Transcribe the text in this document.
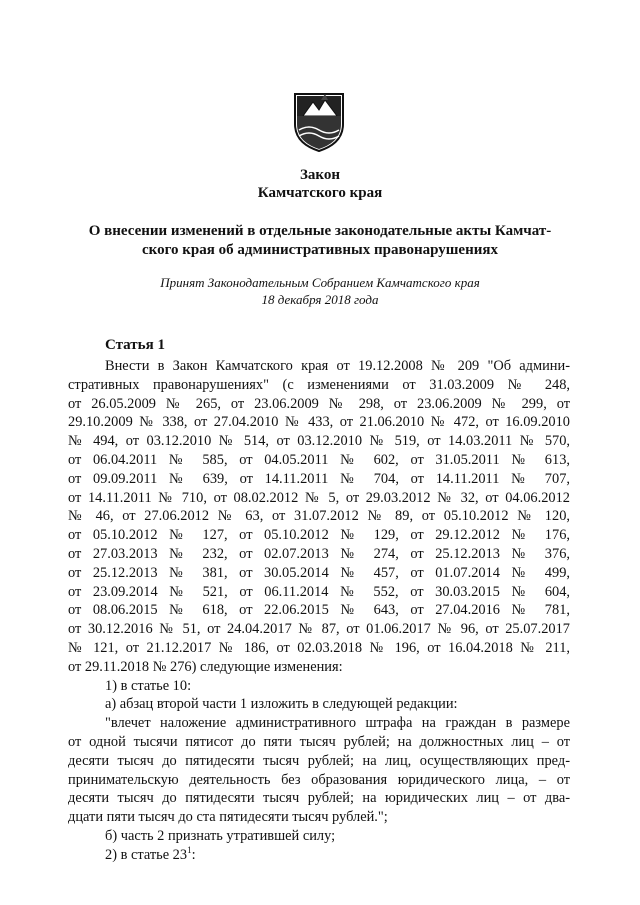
Закон
Камчатского края
О внесении изменений в отдельные законодательные акты Камчат-
ского края об административных правонарушениях
Принят Законодательным Собранием Камчатского края
18 декабря 2018 года
Статья 1
Внести в Закон Камчатского края от 19.12.2008 № 209 "Об админи-
стративных правонарушениях" (с изменениями от 31.03.2009 № 248,
от 26.05.2009 № 265, от 23.06.2009 № 298, от 23.06.2009 № 299, от
29.10.2009 № 338, от 27.04.2010 № 433, от 21.06.2010 № 472, от 16.09.2010
№ 494, от 03.12.2010 № 514, от 03.12.2010 № 519, от 14.03.2011 № 570,
от 06.04.2011 № 585, от 04.05.2011 № 602, от 31.05.2011 № 613,
от 09.09.2011 № 639, от 14.11.2011 № 704, от 14.11.2011 № 707,
от 14.11.2011 № 710, от 08.02.2012 № 5, от 29.03.2012 № 32, от 04.06.2012
№ 46, от 27.06.2012 № 63, от 31.07.2012 № 89, от 05.10.2012 № 120,
от 05.10.2012 № 127, от 05.10.2012 № 129, от 29.12.2012 № 176,
от 27.03.2013 № 232, от 02.07.2013 № 274, от 25.12.2013 № 376,
от 25.12.2013 № 381, от 30.05.2014 № 457, от 01.07.2014 № 499,
от 23.09.2014 № 521, от 06.11.2014 № 552, от 30.03.2015 № 604,
от 08.06.2015 № 618, от 22.06.2015 № 643, от 27.04.2016 № 781,
от 30.12.2016 № 51, от 24.04.2017 № 87, от 01.06.2017 № 96, от 25.07.2017
№ 121, от 21.12.2017 № 186, от 02.03.2018 № 196, от 16.04.2018 № 211,
от 29.11.2018 № 276) следующие изменения:
1) в статье 10:
а) абзац второй части 1 изложить в следующей редакции:
"влечет наложение административного штрафа на граждан в размере
от одной тысячи пятисот до пяти тысяч рублей; на должностных лиц – от
десяти тысяч до пятидесяти тысяч рублей; на лиц, осуществляющих пред-
принимательскую деятельность без образования юридического лица, – от
десяти тысяч до пятидесяти тысяч рублей; на юридических лиц – от два-
дцати пяти тысяч до ста пятидесяти тысяч рублей.";
б) часть 2 признать утратившей силу;
2) в статье $23^1$:
